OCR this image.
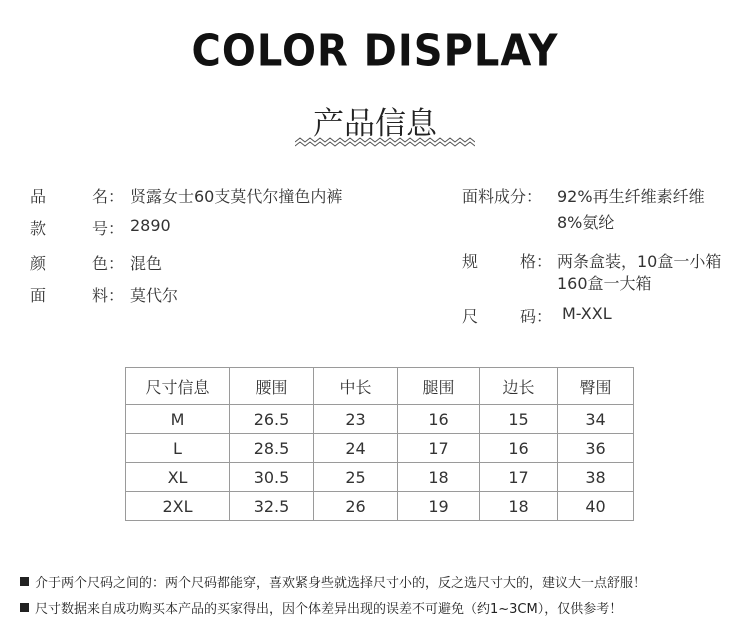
COLOR DISPLAY
产品信息
品	名： 贤露女士60支莫代尔撞色内裤
款	号： 2890
颜	色： 混色
面	料： 莫代尔
面料成分： 92%再生纤维素纤维
8%氨纶
规	格： 两条盒装，10盒一小箱
160盒一大箱
尺	码： M-XXL
尺寸信息	腰围	中长	腿围	边长	臀围
M	26.5	23	16	15	34
L	28.5	24	17	16	36
XL	30.5	25	18	17	38
2XL	32.5	26	19	18	40
介于两个尺码之间的：两个尺码都能穿，喜欢紧身些就选择尺寸小的，反之选尺寸大的，建议大一点舒服！
尺寸数据来自成功购买本产品的买家得出，因个体差异出现的误差不可避免（约1~3CM），仅供参考！
